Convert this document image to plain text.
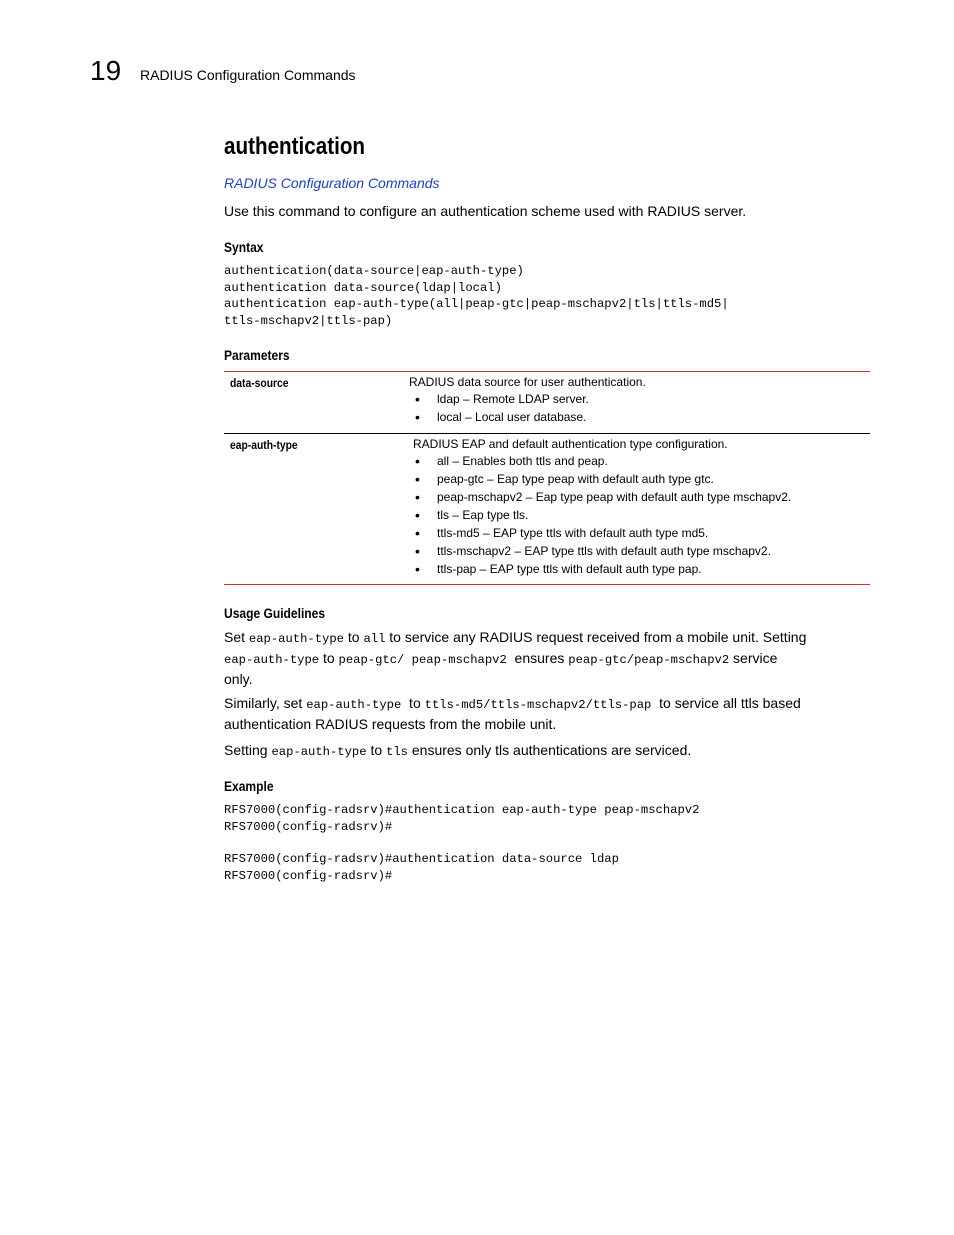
19 RADIUS Configuration Commands
authentication
RADIUS Configuration Commands
Use this command to configure an authentication scheme used with RADIUS server.
Syntax
authentication(data-source|eap-auth-type)
authentication data-source(ldap|local)
authentication eap-auth-type(all|peap-gtc|peap-mschapv2|tls|ttls-md5|
ttls-mschapv2|ttls-pap)
Parameters
data-source	RADIUS data source for user authentication.
• ldap – Remote LDAP server.
• local – Local user database.
eap-auth-type	RADIUS EAP and default authentication type configuration.
• all – Enables both ttls and peap.
• peap-gtc – Eap type peap with default auth type gtc.
• peap-mschapv2 – Eap type peap with default auth type mschapv2.
• tls – Eap type tls.
• ttls-md5 – EAP type ttls with default auth type md5.
• ttls-mschapv2 – EAP type ttls with default auth type mschapv2.
• ttls-pap – EAP type ttls with default auth type pap.
Usage Guidelines
Set eap-auth-type to all to service any RADIUS request received from a mobile unit. Setting
eap-auth-type to peap-gtc/ peap-mschapv2  ensures peap-gtc/peap-mschapv2 service
only.
Similarly, set eap-auth-type  to ttls-md5/ttls-mschapv2/ttls-pap  to service all ttls based
authentication RADIUS requests from the mobile unit.
Setting eap-auth-type to tls ensures only tls authentications are serviced.
Example
RFS7000(config-radsrv)#authentication eap-auth-type peap-mschapv2
RFS7000(config-radsrv)#
RFS7000(config-radsrv)#authentication data-source ldap
RFS7000(config-radsrv)#
